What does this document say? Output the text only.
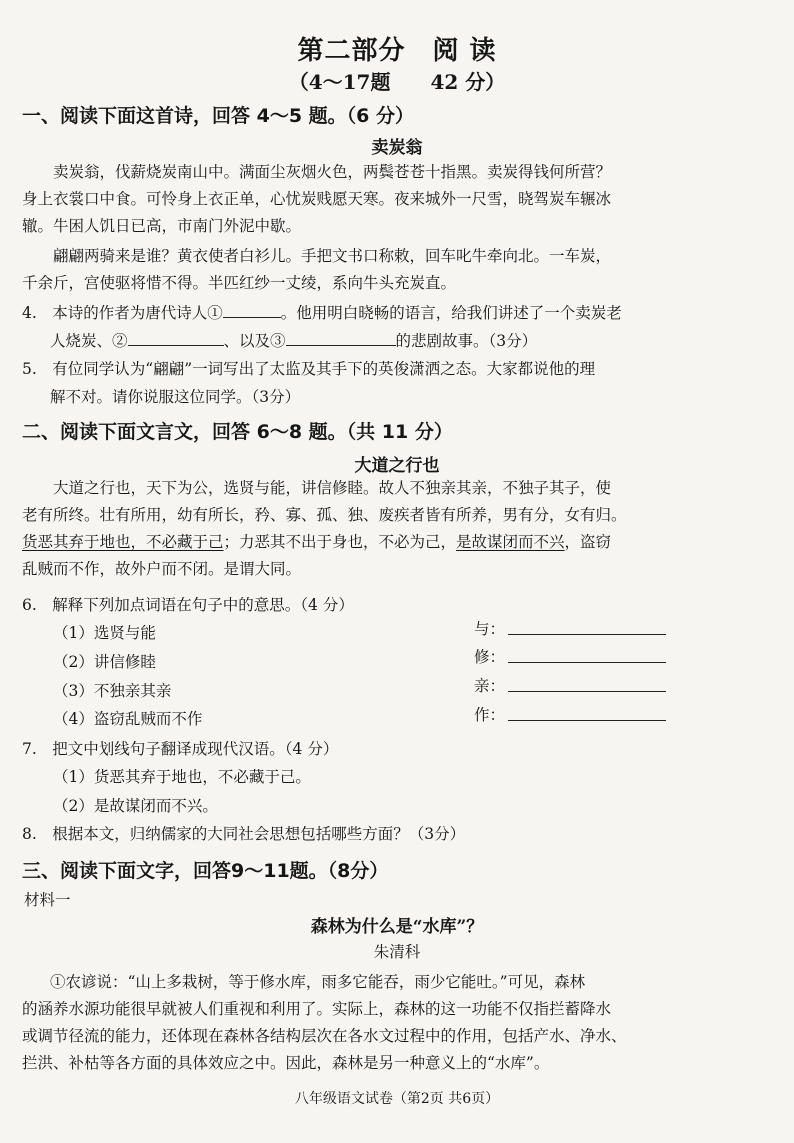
第二部分　阅 读
（4～17题　　42 分）
一、阅读下面这首诗，回答 4～5 题。（6 分）
卖炭翁
卖炭翁，伐薪烧炭南山中。满面尘灰烟火色，两鬓苍苍十指黑。卖炭得钱何所营？
身上衣裳口中食。可怜身上衣正单，心忧炭贱愿天寒。夜来城外一尺雪，晓驾炭车辗冰
辙。牛困人饥日已高，市南门外泥中歇。
翩翩两骑来是谁？黄衣使者白衫儿。手把文书口称敕，回车叱牛牵向北。一车炭，
千余斤，宫使驱将惜不得。半匹红纱一丈绫，系向牛头充炭直。
4.　本诗的作者为唐代诗人①	。他用明白晓畅的语言，给我们讲述了一个卖炭老
人烧炭、②	、以及③	的悲剧故事。（3分）
5.　有位同学认为“翩翩”一词写出了太监及其手下的英俊潇洒之态。大家都说他的理
解不对。请你说服这位同学。（3分）
二、阅读下面文言文，回答 6～8 题。（共 11 分）
大道之行也
大道之行也，天下为公，选贤与能，讲信修睦。故人不独亲其亲，不独子其子，使
老有所终。壮有所用，幼有所长，矜、寡、孤、独、废疾者皆有所养，男有分，女有归。
货恶其弃于地也，不必藏于己；力恶其不出于身也，不必为己，是故谋闭而不兴，盗窃
乱贼而不作，故外户而不闭。是谓大同。
6.　解释下列加点词语在句子中的意思。（4 分）
（1）选贤与能
（2）讲信修睦
（3）不独亲其亲
（4）盗窃乱贼而不作
与：
修：
亲：
作：
7.　把文中划线句子翻译成现代汉语。（4 分）
（1）货恶其弃于地也，不必藏于己。
（2）是故谋闭而不兴。
8.　根据本文，归纳儒家的大同社会思想包括哪些方面？（3分）
三、阅读下面文字，回答9～11题。（8分）
材料一
森林为什么是“水库”？
朱清科
①农谚说：“山上多栽树，等于修水库，雨多它能吞，雨少它能吐。”可见，森林
的涵养水源功能很早就被人们重视和利用了。实际上，森林的这一功能不仅指拦蓄降水
或调节径流的能力，还体现在森林各结构层次在各水文过程中的作用，包括产水、净水、
拦洪、补枯等各方面的具体效应之中。因此，森林是另一种意义上的“水库”。
八年级语文试卷（第2页 共6页）
